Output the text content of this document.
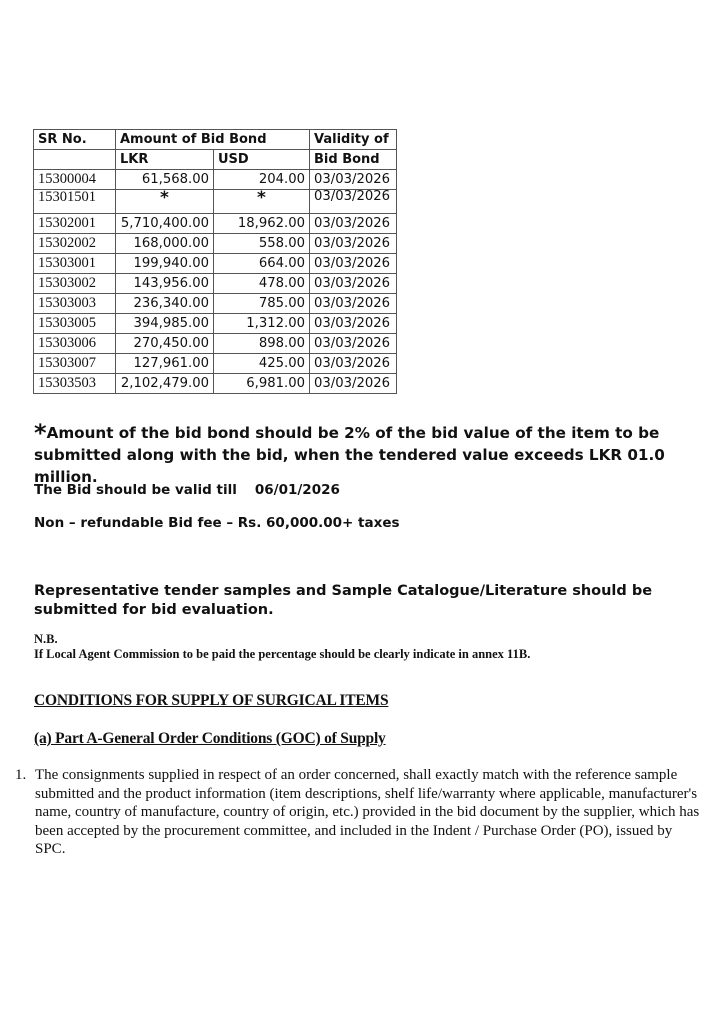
SR No.	Amount of Bid Bond		Validity of
	LKR	USD	Bid Bond
15300004	61,568.00	204.00	03/03/2026
15301501	*	*	03/03/2026
15302001	5,710,400.00	18,962.00	03/03/2026
15302002	168,000.00	558.00	03/03/2026
15303001	199,940.00	664.00	03/03/2026
15303002	143,956.00	478.00	03/03/2026
15303003	236,340.00	785.00	03/03/2026
15303005	394,985.00	1,312.00	03/03/2026
15303006	270,450.00	898.00	03/03/2026
15303007	127,961.00	425.00	03/03/2026
15303503	2,102,479.00	6,981.00	03/03/2026
*Amount of the bid bond should be 2% of the bid value of the item to be submitted along with the bid, when the tendered value exceeds LKR 01.0 million.
The Bid should be valid till 06/01/2026
Non – refundable Bid fee – Rs. 60,000.00+ taxes
Representative tender samples and Sample Catalogue/Literature should be submitted for bid evaluation.
N.B.
If Local Agent Commission to be paid the percentage should be clearly indicate in annex 11B.
CONDITIONS FOR SUPPLY OF SURGICAL ITEMS
(a) Part A-General Order Conditions (GOC) of Supply
1. The consignments supplied in respect of an order concerned, shall exactly match with the reference sample submitted and the product information (item descriptions, shelf life/warranty where applicable, manufacturer's name, country of manufacture, country of origin, etc.) provided in the bid document by the supplier, which has been accepted by the procurement committee, and included in the Indent / Purchase Order (PO), issued by SPC.
